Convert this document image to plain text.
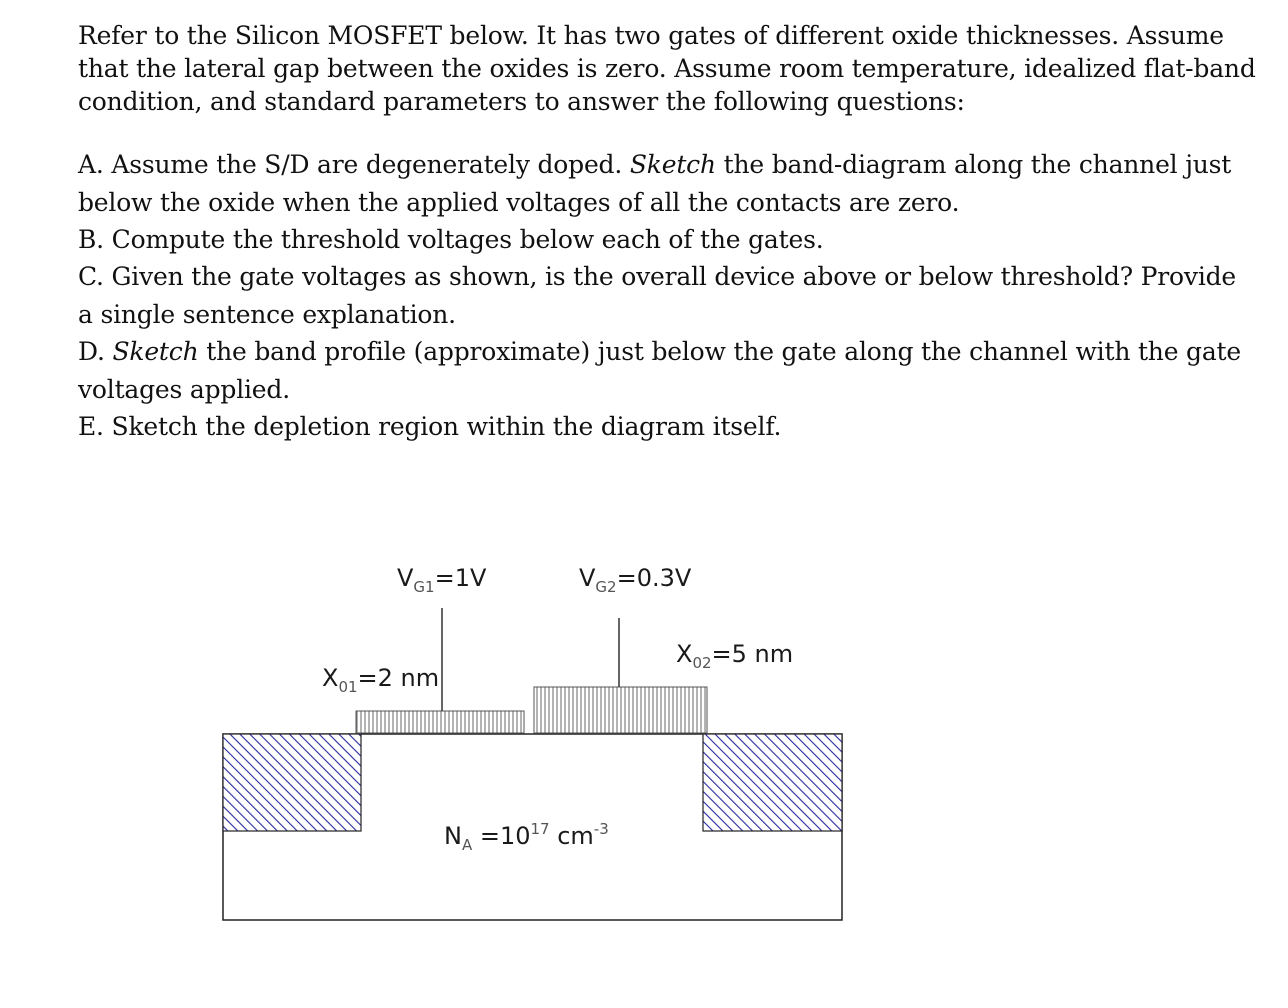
Refer to the Silicon MOSFET below. It has two gates of different oxide thicknesses. Assume that the lateral gap between the oxides is zero. Assume room temperature, idealized flat-band condition, and standard parameters to answer the following questions:

A. Assume the S/D are degenerately doped. Sketch the band-diagram along the channel just below the oxide when the applied voltages of all the contacts are zero.

B. Compute the threshold voltages below each of the gates.

C. Given the gate voltages as shown, is the overall device above or below threshold? Provide a single sentence explanation.

D. Sketch the band profile (approximate) just below the gate along the channel with the gate voltages applied.

E. Sketch the depletion region within the diagram itself.

$V_{G1}=1V$	$V_{G2}=0.3V$
$X_{01}=2$ nm
$X_{02}=5$ nm
$N_A =10^{17}$ $cm^{-3}$
